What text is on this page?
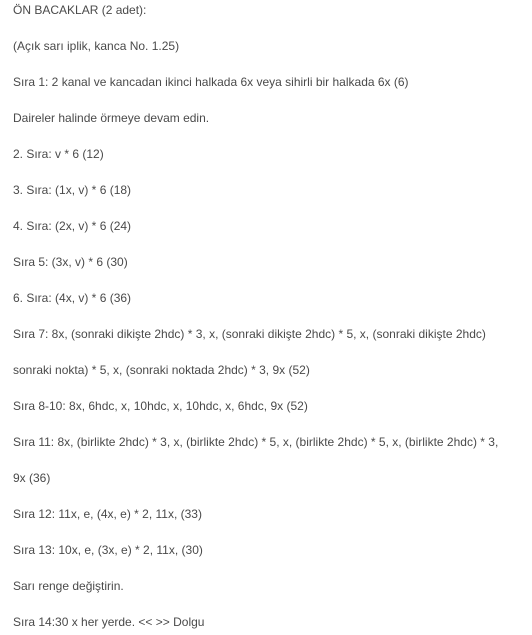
ÖN BACAKLAR (2 adet):
(Açık sarı iplik, kanca No. 1.25)
Sıra 1: 2 kanal ve kancadan ikinci halkada 6x veya sihirli bir halkada 6x (6)
Daireler halinde örmeye devam edin.
2. Sıra: v * 6 (12)
3. Sıra: (1x, v) * 6 (18)
4. Sıra: (2x, v) * 6 (24)
Sıra 5: (3x, v) * 6 (30)
6. Sıra: (4x, v) * 6 (36)
Sıra 7: 8x, (sonraki dikişte 2hdc) * 3, x, (sonraki dikişte 2hdc) * 5, x, (sonraki dikişte 2hdc)
sonraki nokta) * 5, x, (sonraki noktada 2hdc) * 3, 9x (52)
Sıra 8-10: 8x, 6hdc, x, 10hdc, x, 10hdc, x, 6hdc, 9x (52)
Sıra 11: 8x, (birlikte 2hdc) * 3, x, (birlikte 2hdc) * 5, x, (birlikte 2hdc) * 5, x, (birlikte 2hdc) * 3,
9x (36)
Sıra 12: 11x, e, (4x, e) * 2, 11x, (33)
Sıra 13: 10x, e, (3x, e) * 2, 11x, (30)
Sarı renge değiştirin.
Sıra 14:30 x her yerde. << >> Dolgu
